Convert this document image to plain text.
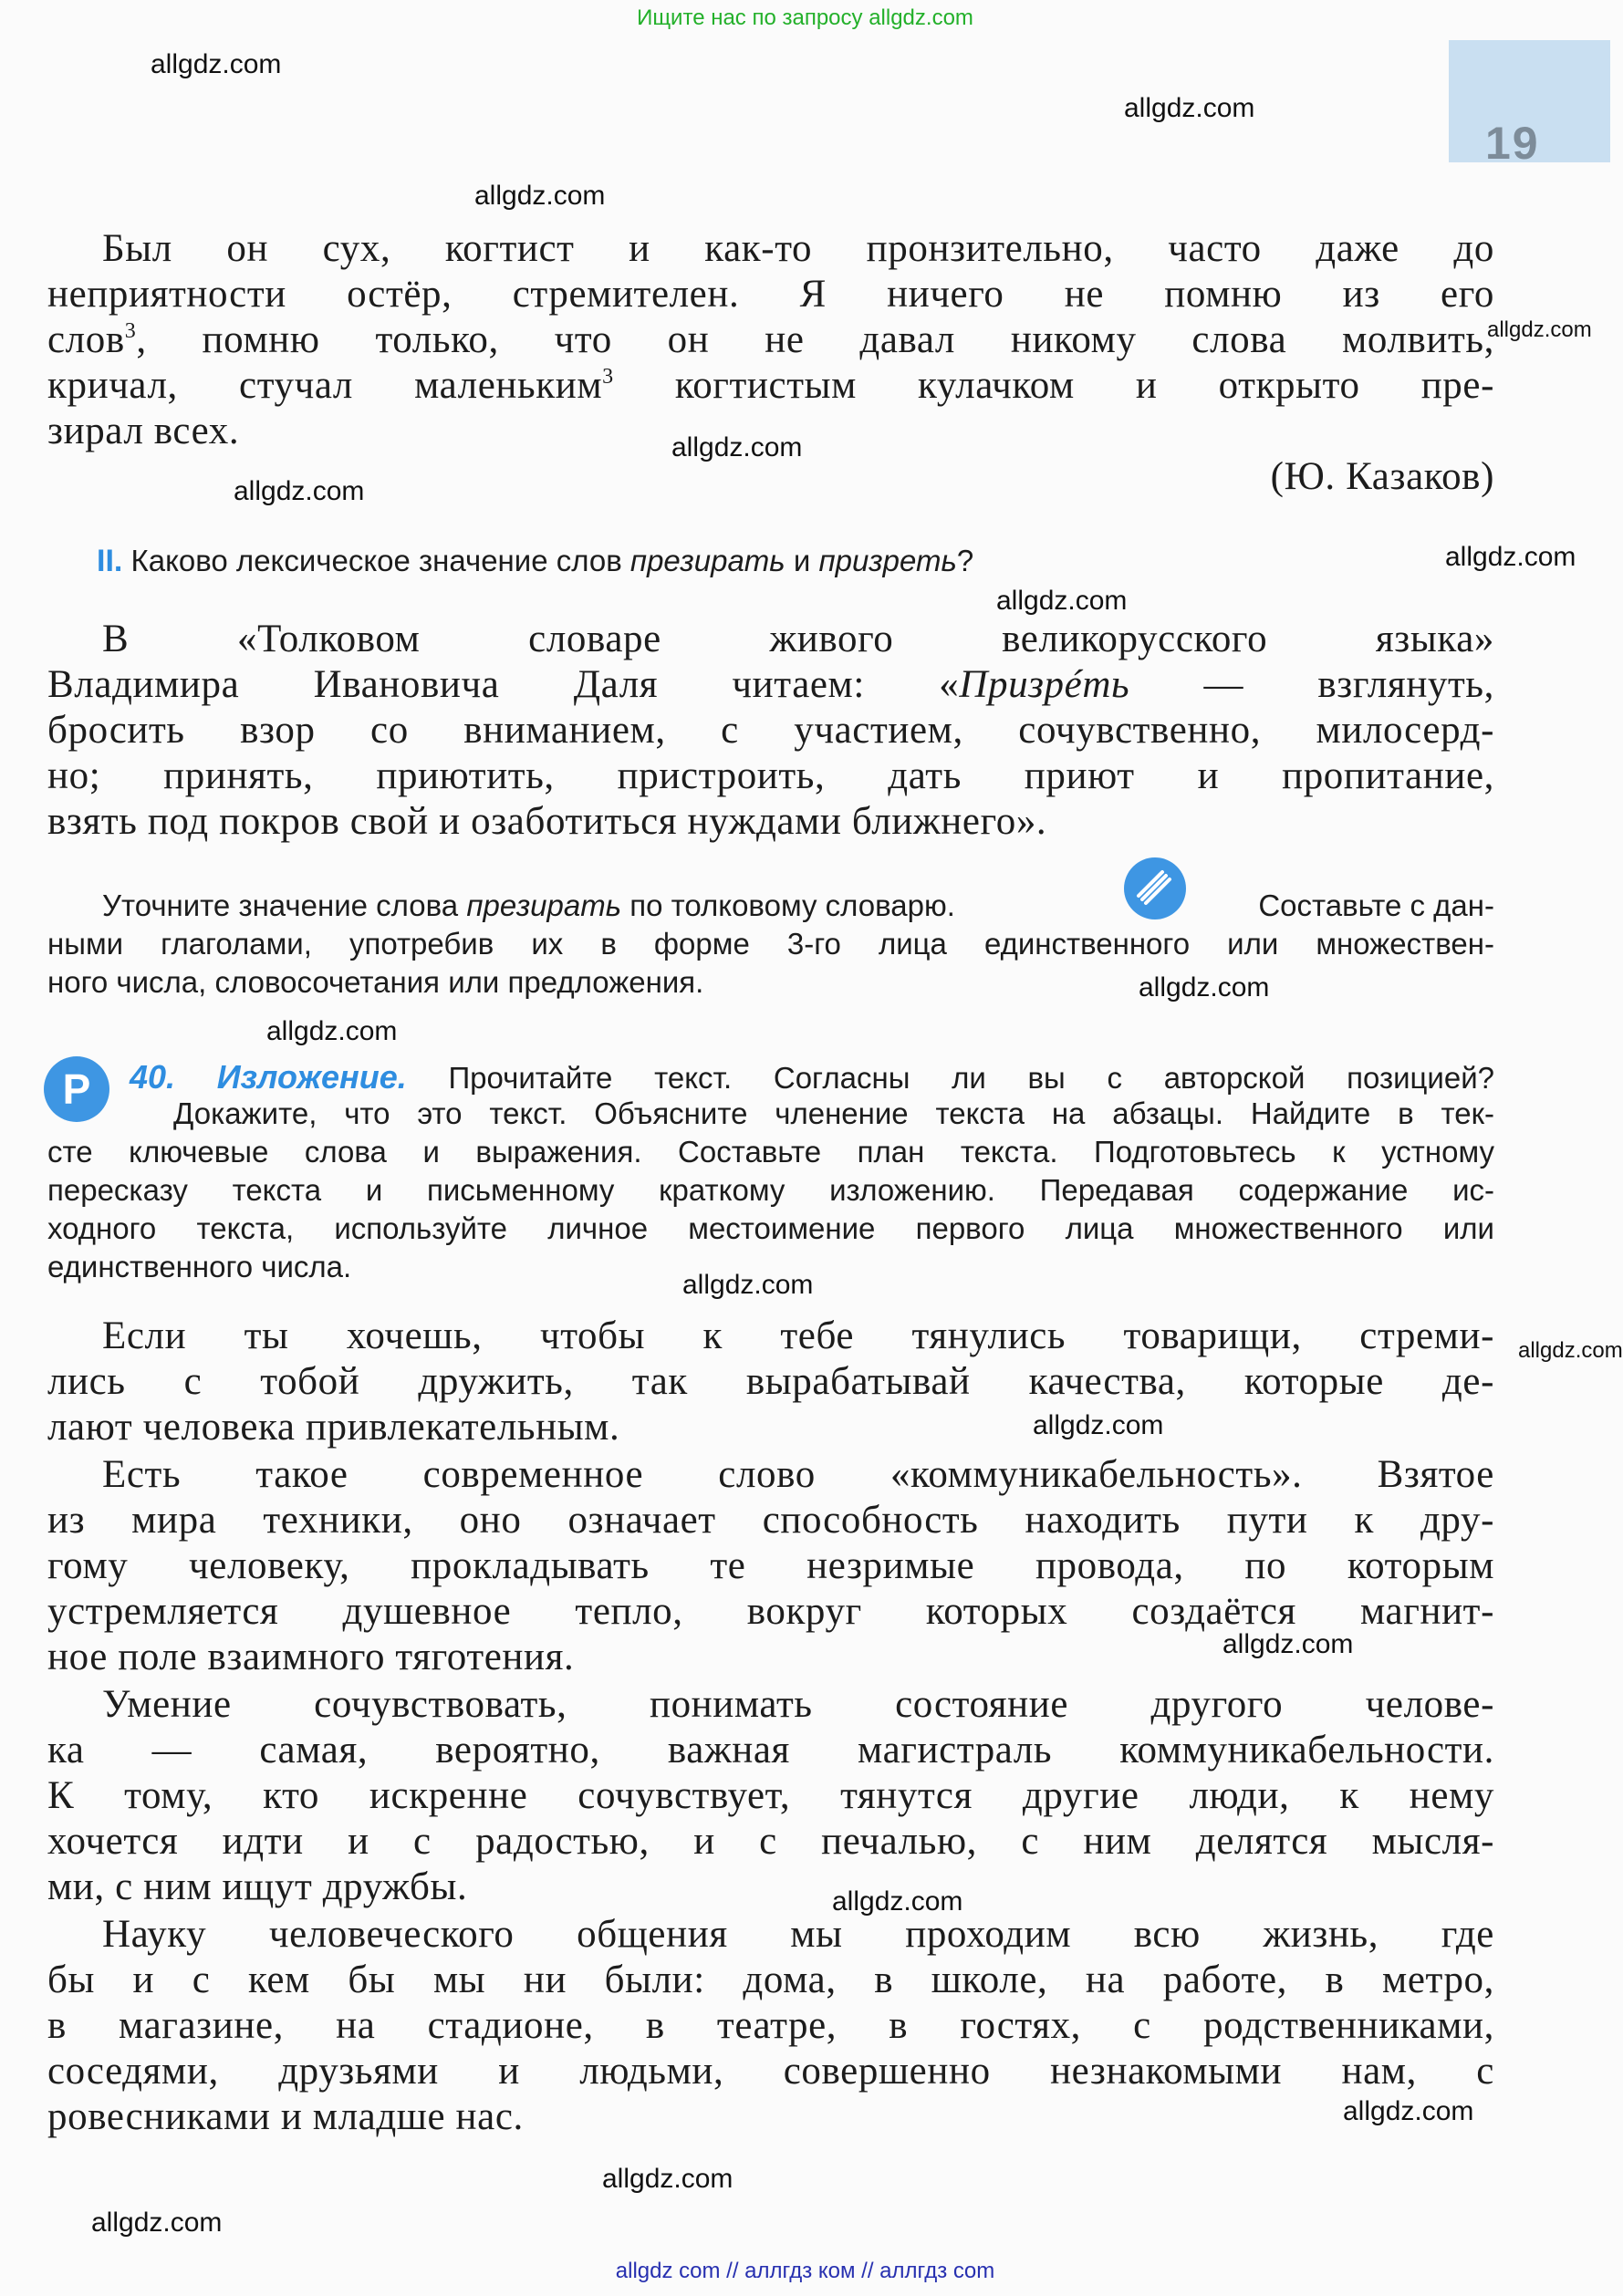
Ищите нас по запросу allgdz.com
19
allgdz.com
allgdz.com
allgdz.com
allgdz.com
allgdz.com
allgdz.com
allgdz.com
allgdz.com
allgdz.com
allgdz.com
allgdz.com
allgdz.com
allgdz.com
allgdz.com
allgdz.com
allgdz.com
allgdz.com
allgdz.com
Был он сух, когтист и как-то пронзительно, часто даже до
неприятности остёр, стремителен. Я ничего не помню из его
слов$^3$, помню только, что он не давал никому слова молвить,
кричал, стучал маленьким$^3$ когтистым кулачком и открыто пре-
зирал всех.
(Ю. Казаков)
II. Каково лексическое значение слов презирать и призреть?
В «Толковом словаре живого великорусского языка»
Владимира Ивановича Даля читаем: «Призрéть — взглянуть,
бросить взор со вниманием, с участием, сочувственно, милосерд-
но; принять, приютить, пристроить, дать приют и пропитание,
взять под покров свой и озаботиться нуждами ближнего».
Уточните значение слова презирать по толковому словарю.	Составьте с дан-
ными глаголами, употребив их в форме 3-го лица единственного или множествен-
ного числа, словосочетания или предложения.
Р	40. Изложение. Прочитайте текст. Согласны ли вы с авторской позицией?
Докажите, что это текст. Объясните членение текста на абзацы. Найдите в тек-
сте ключевые слова и выражения. Составьте план текста. Подготовьтесь к устному
пересказу текста и письменному краткому изложению. Передавая содержание ис-
ходного текста, используйте личное местоимение первого лица множественного или
единственного числа.
Если ты хочешь, чтобы к тебе тянулись товарищи, стреми-
лись с тобой дружить, так вырабатывай качества, которые де-
лают человека привлекательным.
Есть такое современное слово «коммуникабельность». Взятое
из мира техники, оно означает способность находить пути к дру-
гому человеку, прокладывать те незримые провода, по которым
устремляется душевное тепло, вокруг которых создаётся магнит-
ное поле взаимного тяготения.
Умение сочувствовать, понимать состояние другого челове-
ка — самая, вероятно, важная магистраль коммуникабельности.
К тому, кто искренне сочувствует, тянутся другие люди, к нему
хочется идти и с радостью, и с печалью, с ним делятся мысля-
ми, с ним ищут дружбы.
Науку человеческого общения мы проходим всю жизнь, где
бы и с кем бы мы ни были: дома, в школе, на работе, в метро,
в магазине, на стадионе, в театре, в гостях, с родственниками,
соседями, друзьями и людьми, совершенно незнакомыми нам, с
ровесниками и младше нас.
allgdz com // аллгдз ком // аллгдз com
